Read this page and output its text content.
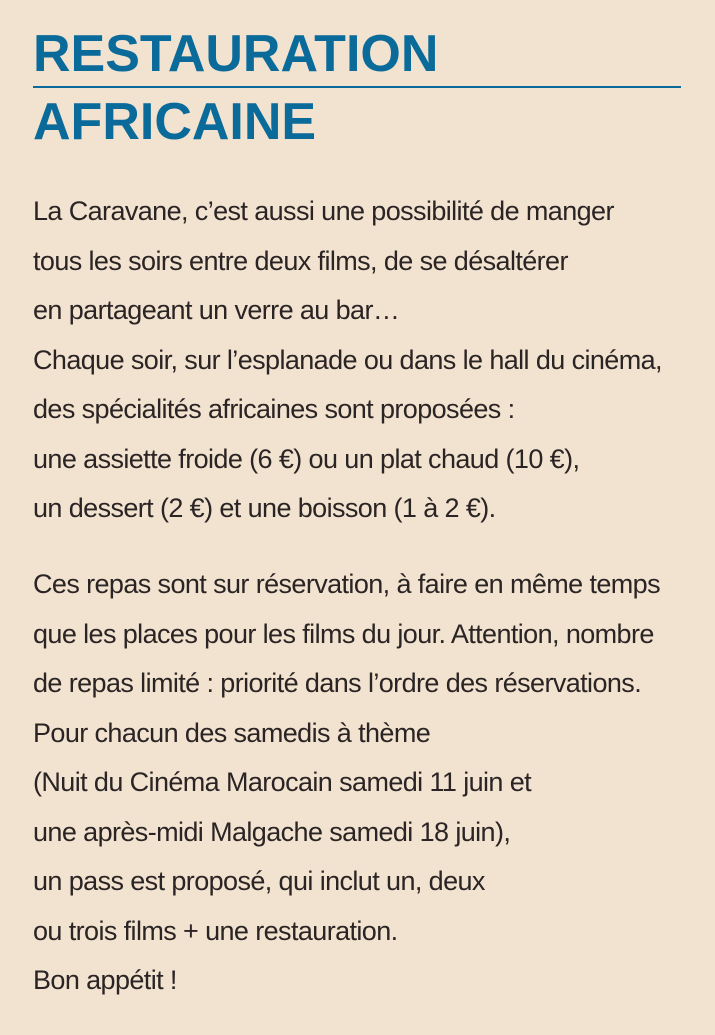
RESTAURATION
AFRICAINE

La Caravane, c’est aussi une possibilité de manger
tous les soirs entre deux films, de se désaltérer
en partageant un verre au bar…
Chaque soir, sur l’esplanade ou dans le hall du cinéma,
des spécialités africaines sont proposées :
une assiette froide (6 €) ou un plat chaud (10 €),
un dessert (2 €) et une boisson (1 à 2 €).

Ces repas sont sur réservation, à faire en même temps
que les places pour les films du jour. Attention, nombre
de repas limité : priorité dans l’ordre des réservations.
Pour chacun des samedis à thème
(Nuit du Cinéma Marocain samedi 11 juin et
une après-midi Malgache samedi 18 juin),
un pass est proposé, qui inclut un, deux
ou trois films + une restauration.
Bon appétit !
